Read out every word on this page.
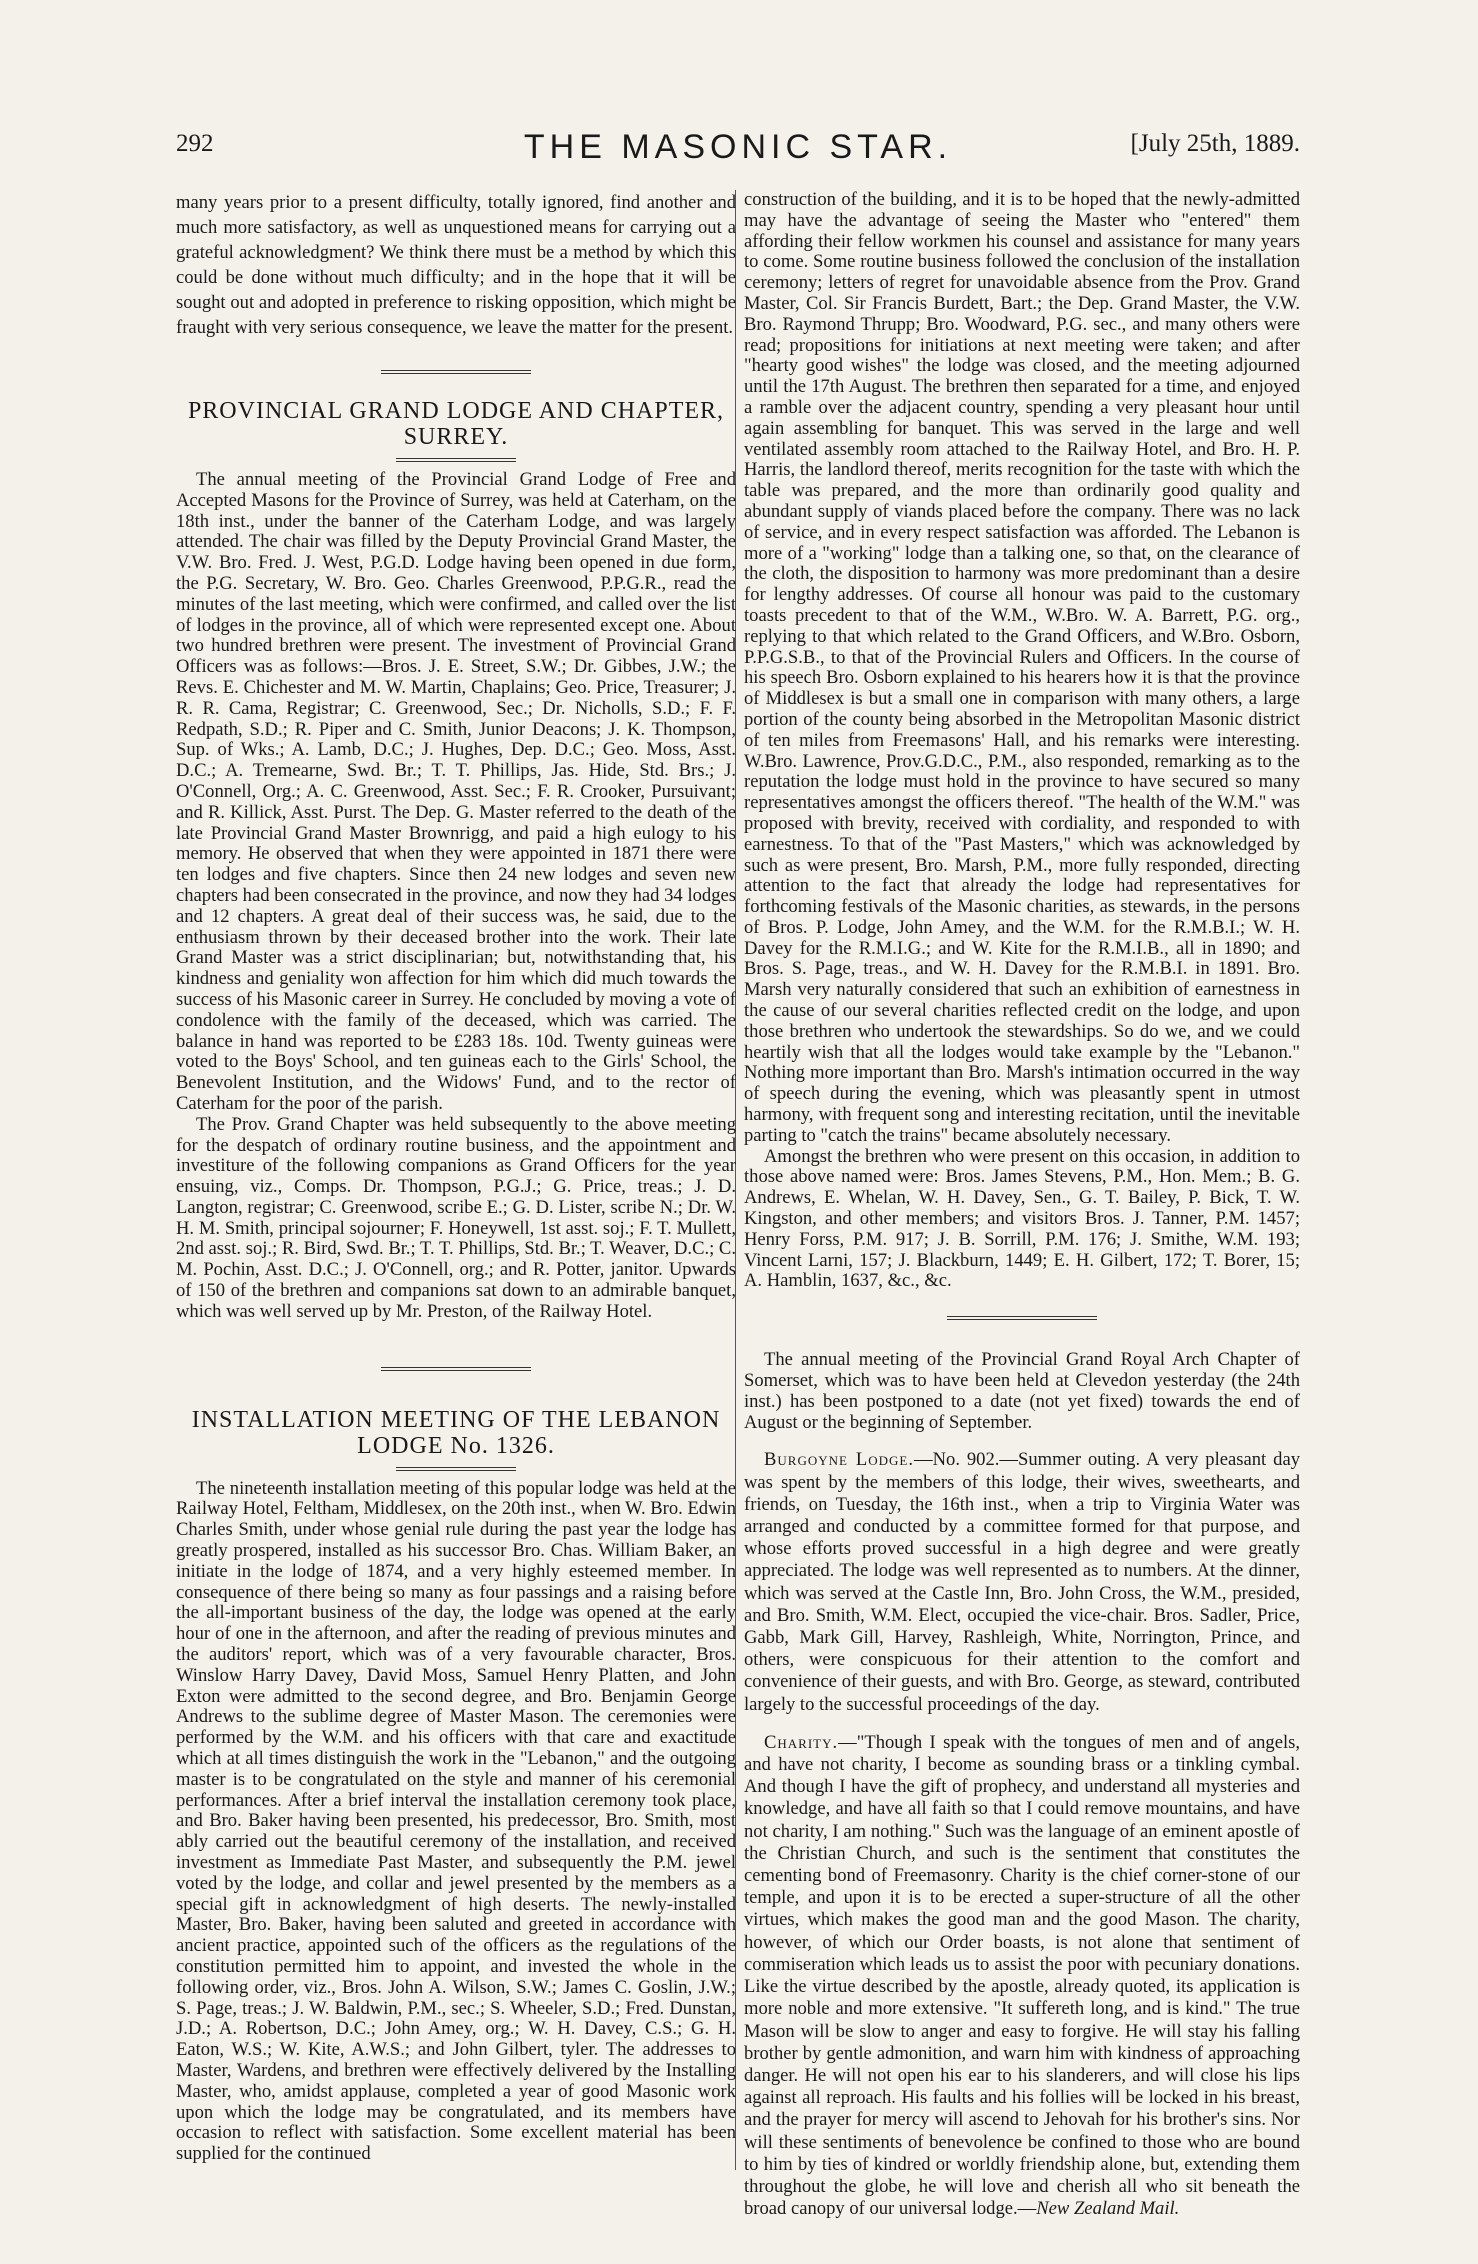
292	THE MASONIC STAR.	[July 25th, 1889.

many years prior to a present difficulty, totally ignored, find another and much more satisfactory, as well as unquestioned means for carrying out a grateful acknowledgment? We think there must be a method by which this could be done without much difficulty; and in the hope that it will be sought out and adopted in preference to risking opposition, which might be fraught with very serious consequence, we leave the matter for the present.

PROVINCIAL GRAND LODGE AND CHAPTER, SURREY.

The annual meeting of the Provincial Grand Lodge of Free and Accepted Masons for the Province of Surrey, was held at Caterham, on the 18th inst., under the banner of the Caterham Lodge, and was largely attended. The chair was filled by the Deputy Provincial Grand Master, the V.W. Bro. Fred. J. West, P.G.D. Lodge having been opened in due form, the P.G. Secretary, W. Bro. Geo. Charles Greenwood, P.P.G.R., read the minutes of the last meeting, which were confirmed, and called over the list of lodges in the province, all of which were represented except one. About two hundred brethren were present. The investment of Provincial Grand Officers was as follows:—Bros. J. E. Street, S.W.; Dr. Gibbes, J.W.; the Revs. E. Chichester and M. W. Martin, Chaplains; Geo. Price, Treasurer; J. R. R. Cama, Registrar; C. Greenwood, Sec.; Dr. Nicholls, S.D.; F. F. Redpath, S.D.; R. Piper and C. Smith, Junior Deacons; J. K. Thompson, Sup. of Wks.; A. Lamb, D.C.; J. Hughes, Dep. D.C.; Geo. Moss, Asst. D.C.; A. Tremearne, Swd. Br.; T. T. Phillips, Jas. Hide, Std. Brs.; J. O'Connell, Org.; A. C. Greenwood, Asst. Sec.; F. R. Crooker, Pursuivant; and R. Killick, Asst. Purst. The Dep. G. Master referred to the death of the late Provincial Grand Master Brownrigg, and paid a high eulogy to his memory. He observed that when they were appointed in 1871 there were ten lodges and five chapters. Since then 24 new lodges and seven new chapters had been consecrated in the province, and now they had 34 lodges and 12 chapters. A great deal of their success was, he said, due to the enthusiasm thrown by their deceased brother into the work. Their late Grand Master was a strict disciplinarian; but, notwithstanding that, his kindness and geniality won affection for him which did much towards the success of his Masonic career in Surrey. He concluded by moving a vote of condolence with the family of the deceased, which was carried. The balance in hand was reported to be £283 18s. 10d. Twenty guineas were voted to the Boys' School, and ten guineas each to the Girls' School, the Benevolent Institution, and the Widows' Fund, and to the rector of Caterham for the poor of the parish.

The Prov. Grand Chapter was held subsequently to the above meeting for the despatch of ordinary routine business, and the appointment and investiture of the following companions as Grand Officers for the year ensuing, viz., Comps. Dr. Thompson, P.G.J.; G. Price, treas.; J. D. Langton, registrar; C. Greenwood, scribe E.; G. D. Lister, scribe N.; Dr. W. H. M. Smith, principal sojourner; F. Honeywell, 1st asst. soj.; F. T. Mullett, 2nd asst. soj.; R. Bird, Swd. Br.; T. T. Phillips, Std. Br.; T. Weaver, D.C.; C. M. Pochin, Asst. D.C.; J. O'Connell, org.; and R. Potter, janitor. Upwards of 150 of the brethren and companions sat down to an admirable banquet, which was well served up by Mr. Preston, of the Railway Hotel.

INSTALLATION MEETING OF THE LEBANON LODGE No. 1326.

The nineteenth installation meeting of this popular lodge was held at the Railway Hotel, Feltham, Middlesex, on the 20th inst., when W. Bro. Edwin Charles Smith, under whose genial rule during the past year the lodge has greatly prospered, installed as his successor Bro. Chas. William Baker, an initiate in the lodge of 1874, and a very highly esteemed member. In consequence of there being so many as four passings and a raising before the all-important business of the day, the lodge was opened at the early hour of one in the afternoon, and after the reading of previous minutes and the auditors' report, which was of a very favourable character, Bros. Winslow Harry Davey, David Moss, Samuel Henry Platten, and John Exton were admitted to the second degree, and Bro. Benjamin George Andrews to the sublime degree of Master Mason. The ceremonies were performed by the W.M. and his officers with that care and exactitude which at all times distinguish the work in the "Lebanon," and the outgoing master is to be congratulated on the style and manner of his ceremonial performances. After a brief interval the installation ceremony took place, and Bro. Baker having been presented, his predecessor, Bro. Smith, most ably carried out the beautiful ceremony of the installation, and received investment as Immediate Past Master, and subsequently the P.M. jewel voted by the lodge, and collar and jewel presented by the members as a special gift in acknowledgment of high deserts. The newly-installed Master, Bro. Baker, having been saluted and greeted in accordance with ancient practice, appointed such of the officers as the regulations of the constitution permitted him to appoint, and invested the whole in the following order, viz., Bros. John A. Wilson, S.W.; James C. Goslin, J.W.; S. Page, treas.; J. W. Baldwin, P.M., sec.; S. Wheeler, S.D.; Fred. Dunstan, J.D.; A. Robertson, D.C.; John Amey, org.; W. H. Davey, C.S.; G. H. Eaton, W.S.; W. Kite, A.W.S.; and John Gilbert, tyler. The addresses to Master, Wardens, and brethren were effectively delivered by the Installing Master, who, amidst applause, completed a year of good Masonic work upon which the lodge may be congratulated, and its members have occasion to reflect with satisfaction. Some excellent material has been supplied for the continued

construction of the building, and it is to be hoped that the newly-admitted may have the advantage of seeing the Master who "entered" them affording their fellow workmen his counsel and assistance for many years to come. Some routine business followed the conclusion of the installation ceremony; letters of regret for unavoidable absence from the Prov. Grand Master, Col. Sir Francis Burdett, Bart.; the Dep. Grand Master, the V.W. Bro. Raymond Thrupp; Bro. Woodward, P.G. sec., and many others were read; propositions for initiations at next meeting were taken; and after "hearty good wishes" the lodge was closed, and the meeting adjourned until the 17th August. The brethren then separated for a time, and enjoyed a ramble over the adjacent country, spending a very pleasant hour until again assembling for banquet. This was served in the large and well ventilated assembly room attached to the Railway Hotel, and Bro. H. P. Harris, the landlord thereof, merits recognition for the taste with which the table was prepared, and the more than ordinarily good quality and abundant supply of viands placed before the company. There was no lack of service, and in every respect satisfaction was afforded. The Lebanon is more of a "working" lodge than a talking one, so that, on the clearance of the cloth, the disposition to harmony was more predominant than a desire for lengthy addresses. Of course all honour was paid to the customary toasts precedent to that of the W.M., W.Bro. W. A. Barrett, P.G. org., replying to that which related to the Grand Officers, and W.Bro. Osborn, P.P.G.S.B., to that of the Provincial Rulers and Officers. In the course of his speech Bro. Osborn explained to his hearers how it is that the province of Middlesex is but a small one in comparison with many others, a large portion of the county being absorbed in the Metropolitan Masonic district of ten miles from Freemasons' Hall, and his remarks were interesting. W.Bro. Lawrence, Prov.G.D.C., P.M., also responded, remarking as to the reputation the lodge must hold in the province to have secured so many representatives amongst the officers thereof. "The health of the W.M." was proposed with brevity, received with cordiality, and responded to with earnestness. To that of the "Past Masters," which was acknowledged by such as were present, Bro. Marsh, P.M., more fully responded, directing attention to the fact that already the lodge had representatives for forthcoming festivals of the Masonic charities, as stewards, in the persons of Bros. P. Lodge, John Amey, and the W.M. for the R.M.B.I.; W. H. Davey for the R.M.I.G.; and W. Kite for the R.M.I.B., all in 1890; and Bros. S. Page, treas., and W. H. Davey for the R.M.B.I. in 1891. Bro. Marsh very naturally considered that such an exhibition of earnestness in the cause of our several charities reflected credit on the lodge, and upon those brethren who undertook the stewardships. So do we, and we could heartily wish that all the lodges would take example by the "Lebanon." Nothing more important than Bro. Marsh's intimation occurred in the way of speech during the evening, which was pleasantly spent in utmost harmony, with frequent song and interesting recitation, until the inevitable parting to "catch the trains" became absolutely necessary.

Amongst the brethren who were present on this occasion, in addition to those above named were: Bros. James Stevens, P.M., Hon. Mem.; B. G. Andrews, E. Whelan, W. H. Davey, Sen., G. T. Bailey, P. Bick, T. W. Kingston, and other members; and visitors Bros. J. Tanner, P.M. 1457; Henry Forss, P.M. 917; J. B. Sorrill, P.M. 176; J. Smithe, W.M. 193; Vincent Larni, 157; J. Blackburn, 1449; E. H. Gilbert, 172; T. Borer, 15; A. Hamblin, 1637, &c., &c.

The annual meeting of the Provincial Grand Royal Arch Chapter of Somerset, which was to have been held at Clevedon yesterday (the 24th inst.) has been postponed to a date (not yet fixed) towards the end of August or the beginning of September.

Burgoyne Lodge.—No. 902.—Summer outing. A very pleasant day was spent by the members of this lodge, their wives, sweethearts, and friends, on Tuesday, the 16th inst., when a trip to Virginia Water was arranged and conducted by a committee formed for that purpose, and whose efforts proved successful in a high degree and were greatly appreciated. The lodge was well represented as to numbers. At the dinner, which was served at the Castle Inn, Bro. John Cross, the W.M., presided, and Bro. Smith, W.M. Elect, occupied the vice-chair. Bros. Sadler, Price, Gabb, Mark Gill, Harvey, Rashleigh, White, Norrington, Prince, and others, were conspicuous for their attention to the comfort and convenience of their guests, and with Bro. George, as steward, contributed largely to the successful proceedings of the day.

Charity.—"Though I speak with the tongues of men and of angels, and have not charity, I become as sounding brass or a tinkling cymbal. And though I have the gift of prophecy, and understand all mysteries and knowledge, and have all faith so that I could remove mountains, and have not charity, I am nothing." Such was the language of an eminent apostle of the Christian Church, and such is the sentiment that constitutes the cementing bond of Freemasonry. Charity is the chief corner-stone of our temple, and upon it is to be erected a super-structure of all the other virtues, which makes the good man and the good Mason. The charity, however, of which our Order boasts, is not alone that sentiment of commiseration which leads us to assist the poor with pecuniary donations. Like the virtue described by the apostle, already quoted, its application is more noble and more extensive. "It suffereth long, and is kind." The true Mason will be slow to anger and easy to forgive. He will stay his falling brother by gentle admonition, and warn him with kindness of approaching danger. He will not open his ear to his slanderers, and will close his lips against all reproach. His faults and his follies will be locked in his breast, and the prayer for mercy will ascend to Jehovah for his brother's sins. Nor will these sentiments of benevolence be confined to those who are bound to him by ties of kindred or worldly friendship alone, but, extending them throughout the globe, he will love and cherish all who sit beneath the broad canopy of our universal lodge.—New Zealand Mail.
